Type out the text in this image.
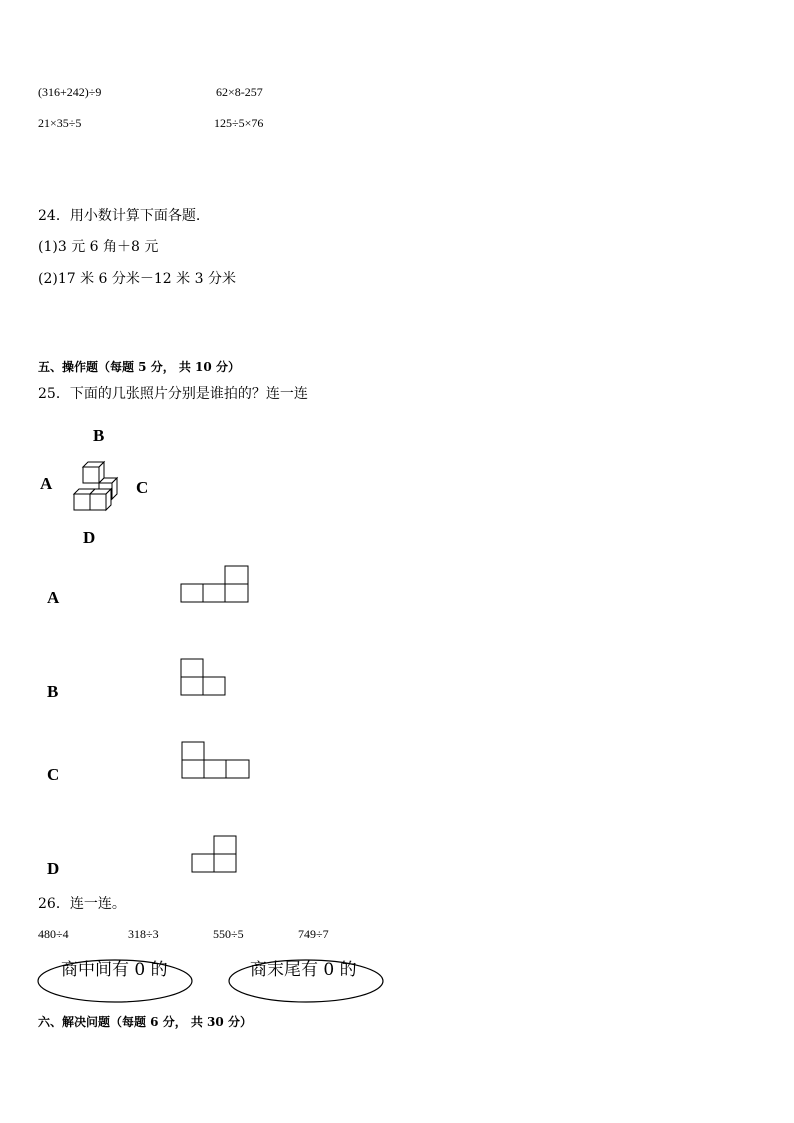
(316+242)÷9	62×8-257
21×35÷5	125÷5×76
24．用小数计算下面各题.
(1)3 元 6 角＋8 元
(2)17 米 6 分米－12 米 3 分米
五、操作题（每题 5 分， 共 10 分）
25．下面的几张照片分别是谁拍的？连一连
B
A	C
D
A
B
C
D
26．连一连。
480÷4	318÷3	550÷5	749÷7
商中间有 0 的	商末尾有 0 的
六、解决问题（每题 6 分， 共 30 分）
